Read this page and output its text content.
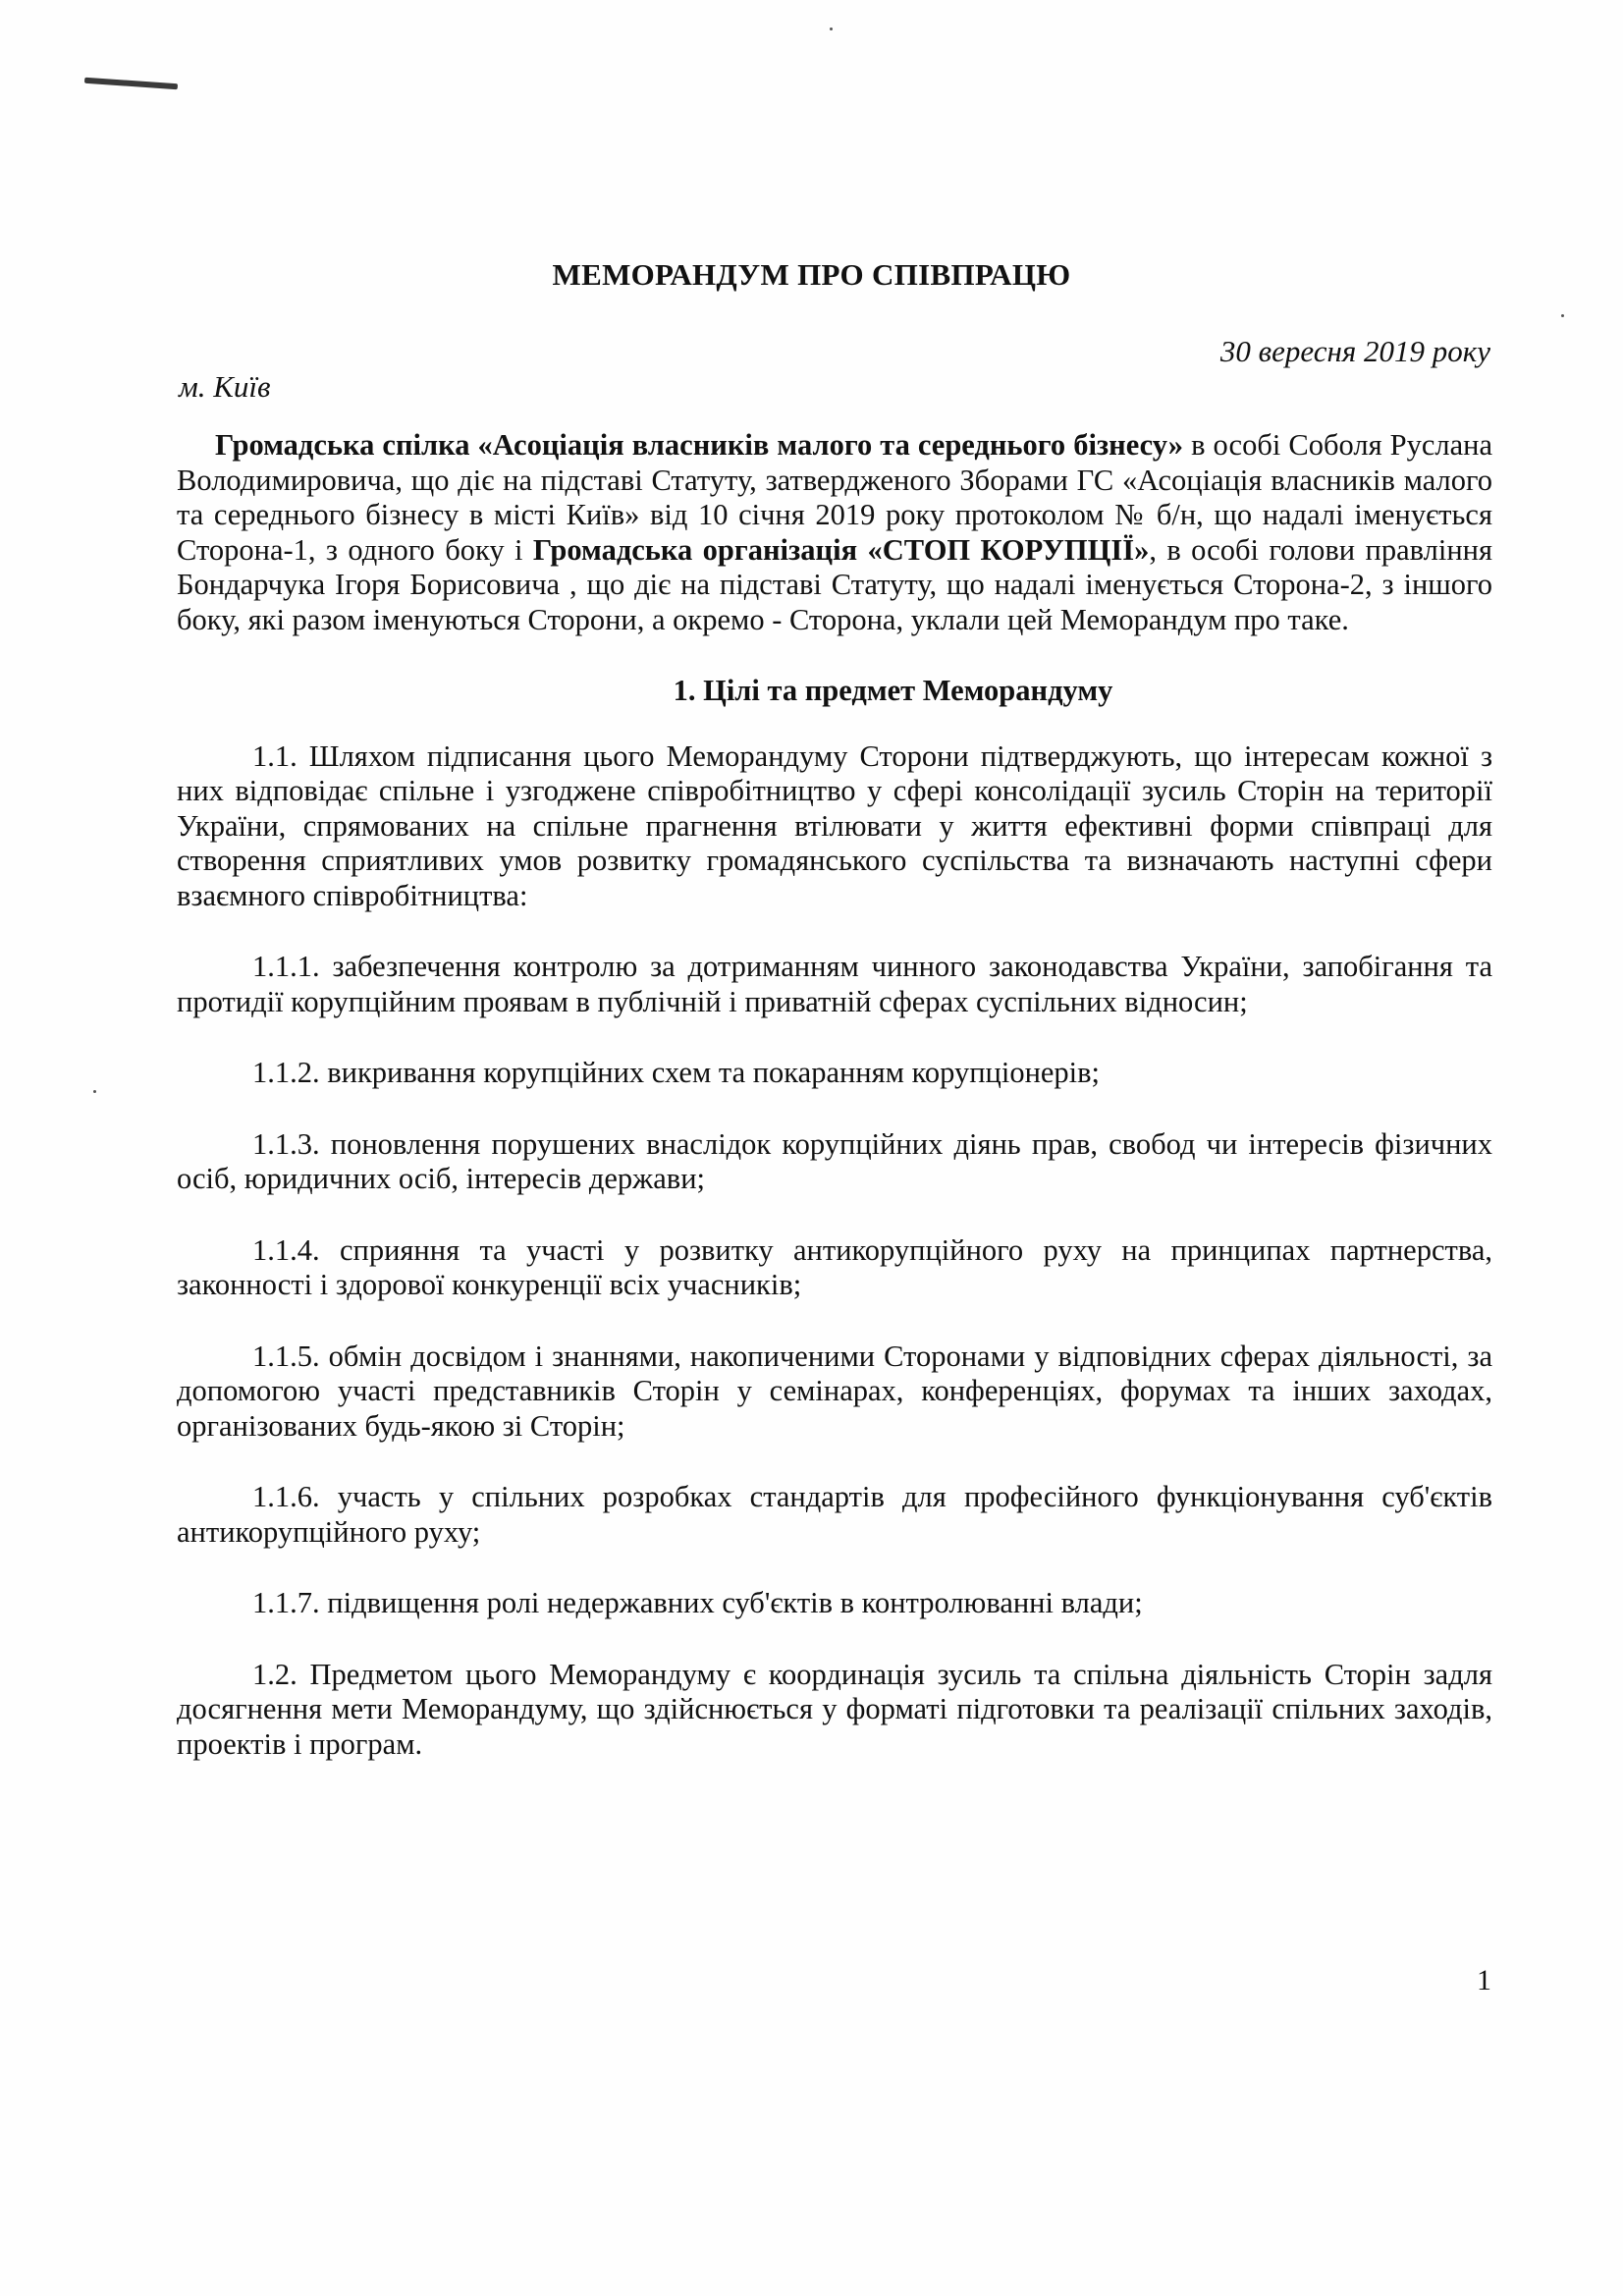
МЕМОРАНДУМ ПРО СПІВПРАЦЮ
30 вересня 2019 року
м. Київ

Громадська спілка «Асоціація власників малого та середнього бізнесу» в особі Соболя Руслана Володимировича, що діє на підставі Статуту, затвердженого Зборами ГС «Асоціація власників малого та середнього бізнесу в місті Київ» від 10 січня 2019 року протоколом № б/н, що надалі іменується Сторона-1, з одного боку і Громадська організація «СТОП КОРУПЦІЇ», в особі голови правління Бондарчука Ігоря Борисовича , що діє на підставі Статуту, що надалі іменується Сторона-2, з іншого боку, які разом іменуються Сторони, а окремо - Сторона, уклали цей Меморандум про таке.

1. Цілі та предмет Меморандуму

1.1. Шляхом підписання цього Меморандуму Сторони підтверджують, що інтересам кожної з них відповідає спільне і узгоджене співробітництво у сфері консолідації зусиль Сторін на території України, спрямованих на спільне прагнення втілювати у життя ефективні форми співпраці для створення сприятливих умов розвитку громадянського суспільства та визначають наступні сфери взаємного співробітництва:

1.1.1. забезпечення контролю за дотриманням чинного законодавства України, запобігання та протидії корупційним проявам в публічній і приватній сферах суспільних відносин;

1.1.2. викривання корупційних схем та покаранням корупціонерів;

1.1.3. поновлення порушених внаслідок корупційних діянь прав, свобод чи інтересів фізичних осіб, юридичних осіб, інтересів держави;

1.1.4. сприяння та участі у розвитку антикорупційного руху на принципах партнерства, законності і здорової конкуренції всіх учасників;

1.1.5. обмін досвідом і знаннями, накопиченими Сторонами у відповідних сферах діяльності, за допомогою участі представників Сторін у семінарах, конференціях, форумах та інших заходах, організованих будь-якою зі Сторін;

1.1.6. участь у спільних розробках стандартів для професійного функціонування суб'єктів антикорупційного руху;

1.1.7. підвищення ролі недержавних суб'єктів в контролюванні влади;

1.2. Предметом цього Меморандуму є координація зусиль та спільна діяльність Сторін задля досягнення мети Меморандуму, що здійснюється у форматі підготовки та реалізації спільних заходів, проектів і програм.

1
